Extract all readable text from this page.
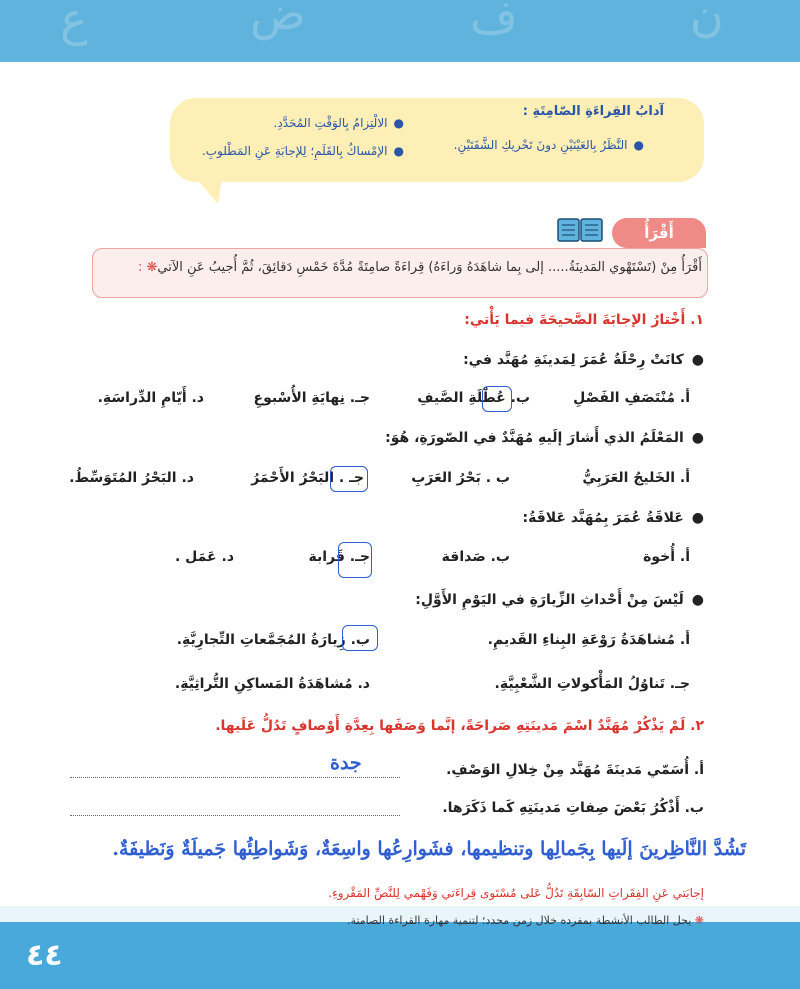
ع	ض	ف	ن
آدابُ القِراءَةِ الصّامِتَةِ :
●النَّظَرُ بِالعَيْنَيْنِ دونَ تَحْريكِ الشَّفَتَيْنِ.
●الالْتِزامُ بِالوَقْتِ المُحَدَّدِ.
●الإمْساكُ بِالقَلَمِ؛ لِلإجابَةِ عَنِ المَطْلوبِ.
أَقْرَأُ
أَقْرَأُ مِنْ (تَسْتَهْوي المَدينَةُ..... إلى بِما شاهَدَهُ وَراءَهُ) قِراءَةً صامِتَةً مُدَّةَ خَمْسِ دَقائِقَ، ثُمَّ أُجيبُ عَنِ الآتي❋ :
١. أَخْتارُ الإجابَةَ الصَّحيحَةَ فيما يَأْتي:
●كانَتْ رِحْلَةُ عُمَرَ لِمَدينَةِ مُهَنَّد في:
أ. مُنْتَصَفِ الفَصْلِ
ب. عُطْلَةِ الصَّيفِ
جـ. نِهايَةِ الأُسْبوعِ
د. أَيّامِ الدِّراسَةِ.
●المَعْلَمُ الذي أَشارَ إلَيهِ مُهَنَّدٌ في الصّورَةِ، هُوَ:
أ. الخَليجُ العَرَبِيُّ
ب . بَحْرُ العَرَبِ
جـ . البَحْرُ الأَحْمَرُ
د. البَحْرُ المُتَوَسِّطُ.
●عَلاقَةُ عُمَرَ بِمُهَنَّد عَلاقَةُ:
أ. أُخوة
ب. صَداقة
جـ. قَرابة
د. عَمَل .
●لَيْسَ مِنْ أَحْداثِ الزِّيارَةِ في اليَوْمِ الأَوَّلِ:
أ. مُشاهَدَةُ رَوْعَةِ البِناءِ القَديمِ.
ب. زِيارَةُ المُجَمَّعاتِ التِّجارِيَّةِ.
جـ. تَناوُلُ المَأْكولاتِ الشَّعْبِيَّةِ.
د. مُشاهَدَةُ المَساكِنِ التُّراثِيَّةِ.
٢. لَمْ يَذْكُرْ مُهَنَّدٌ اسْمَ مَدينَتِهِ صَراحَةً، إنَّما وَصَفَها بِعِدَّةِ أَوْصافٍ تَدُلُّ عَلَيها.
أ. أُسَمّي مَدينَةَ مُهَنَّد مِنْ خِلالِ الوَصْفِ.
جدة
ب. أَذْكُرُ بَعْضَ صِفاتِ مَدينَتِهِ كَما ذَكَرَها.
تَشُدَّ النَّاظِرينَ إلَيها بِجَمالِها وتنظيمها، فشَوارِعُها واسِعَةٌ، وَشَواطِئُها جَميلَةٌ وَنَظيفَةٌ.
إجابَتي عَنِ الفِقَراتِ السّابِقَةِ تَدُلُّ عَلى مُسْتَوى قِراءَتي وَفَهْمي لِلنَّصِّ المَقْروءِ.
❋ يحل الطالب الأنشطة بمفرده خلال زمن محدد؛ لتنمية مهارة القراءة الصامتة.
٤٤
